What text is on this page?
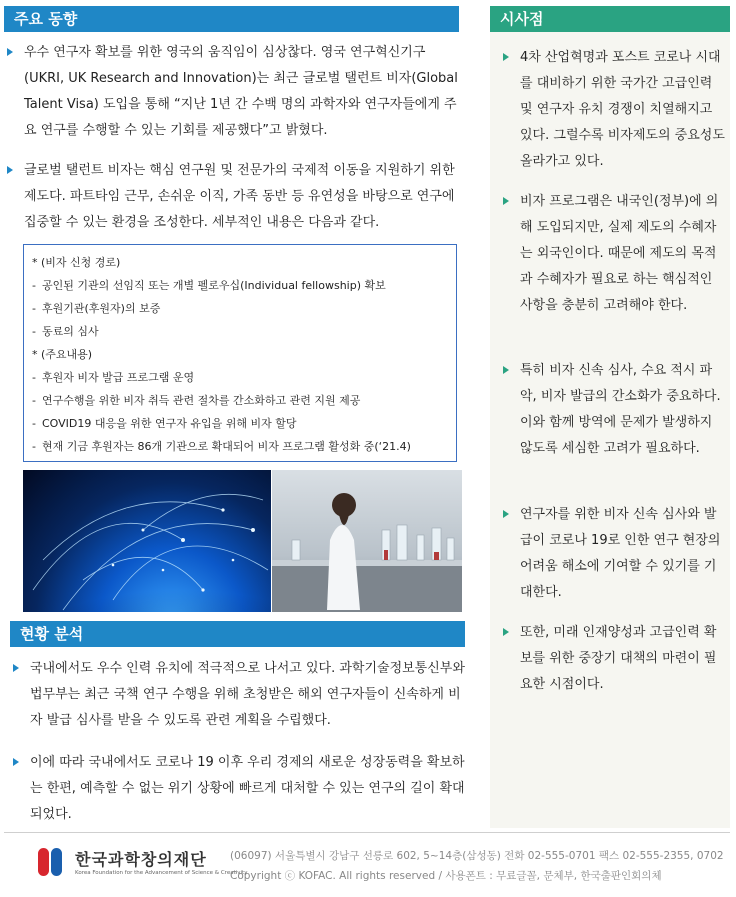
주요 동향

우수 연구자 확보를 위한 영국의 움직임이 심상찮다. 영국 연구혁신기구(UKRI, UK Research and Innovation)는 최근 글로벌 탤런트 비자(Global Talent Visa) 도입을 통해 “지난 1년 간 수백 명의 과학자와 연구자들에게 주요 연구를 수행할 수 있는 기회를 제공했다”고 밝혔다.

글로벌 탤런트 비자는 핵심 연구원 및 전문가의 국제적 이동을 지원하기 위한 제도다. 파트타임 근무, 손쉬운 이직, 가족 동반 등 유연성을 바탕으로 연구에 집중할 수 있는 환경을 조성한다. 세부적인 내용은 다음과 같다.

* (비자 신청 경로)

- 공인된 기관의 선임직 또는 개별 펠로우십(Individual fellowship) 확보
- 후원기관(후원자)의 보증
- 동료의 심사

* (주요내용)

- 후원자 비자 발급 프로그램 운영
- 연구수행을 위한 비자 취득 관련 절차를 간소화하고 관련 지원 제공
- COVID19 대응을 위한 연구자 유입을 위해 비자 할당
- 현재 기금 후원자는 86개 기관으로 확대되어 비자 프로그램 활성화 중(‘21.4)
현황 분석

국내에서도 우수 인력 유치에 적극적으로 나서고 있다. 과학기술정보통신부와 법무부는 최근 국책 연구 수행을 위해 초청받은 해외 연구자들이 신속하게 비자 발급 심사를 받을 수 있도록 관련 계획을 수립했다.

이에 따라 국내에서도 코로나 19 이후 우리 경제의 새로운 성장동력을 확보하는 한편, 예측할 수 없는 위기 상황에 빠르게 대처할 수 있는 연구의 길이 확대되었다.

시사점

4차 산업혁명과 포스트 코로나 시대를 대비하기 위한 국가간 고급인력 및 연구자 유치 경쟁이 치열해지고 있다. 그럴수록 비자제도의 중요성도 올라가고 있다.

비자 프로그램은 내국인(정부)에 의해 도입되지만, 실제 제도의 수혜자는 외국인이다. 때문에 제도의 목적과 수혜자가 필요로 하는 핵심적인 사항을 충분히 고려해야 한다.

특히 비자 신속 심사, 수요 적시 파악, 비자 발급의 간소화가 중요하다. 이와 함께 방역에 문제가 발생하지 않도록 세심한 고려가 필요하다.

연구자를 위한 비자 신속 심사와 발급이 코로나 19로 인한 연구 현장의 어려움 해소에 기여할 수 있기를 기대한다.

또한, 미래 인재양성과 고급인력 확보를 위한 중장기 대책의 마련이 필요한 시점이다.

한국과학창의재단
Korea Foundation for the Advancement of Science & Creativity
(06097) 서울특별시 강남구 선릉로 602, 5~14층(삼성동) 전화 02-555-0701 팩스 02-555-2355, 0702
Copyright ⓒ KOFAC. All rights reserved / 사용폰트 : 무료글꼴, 문체부, 한국출판인회의체
